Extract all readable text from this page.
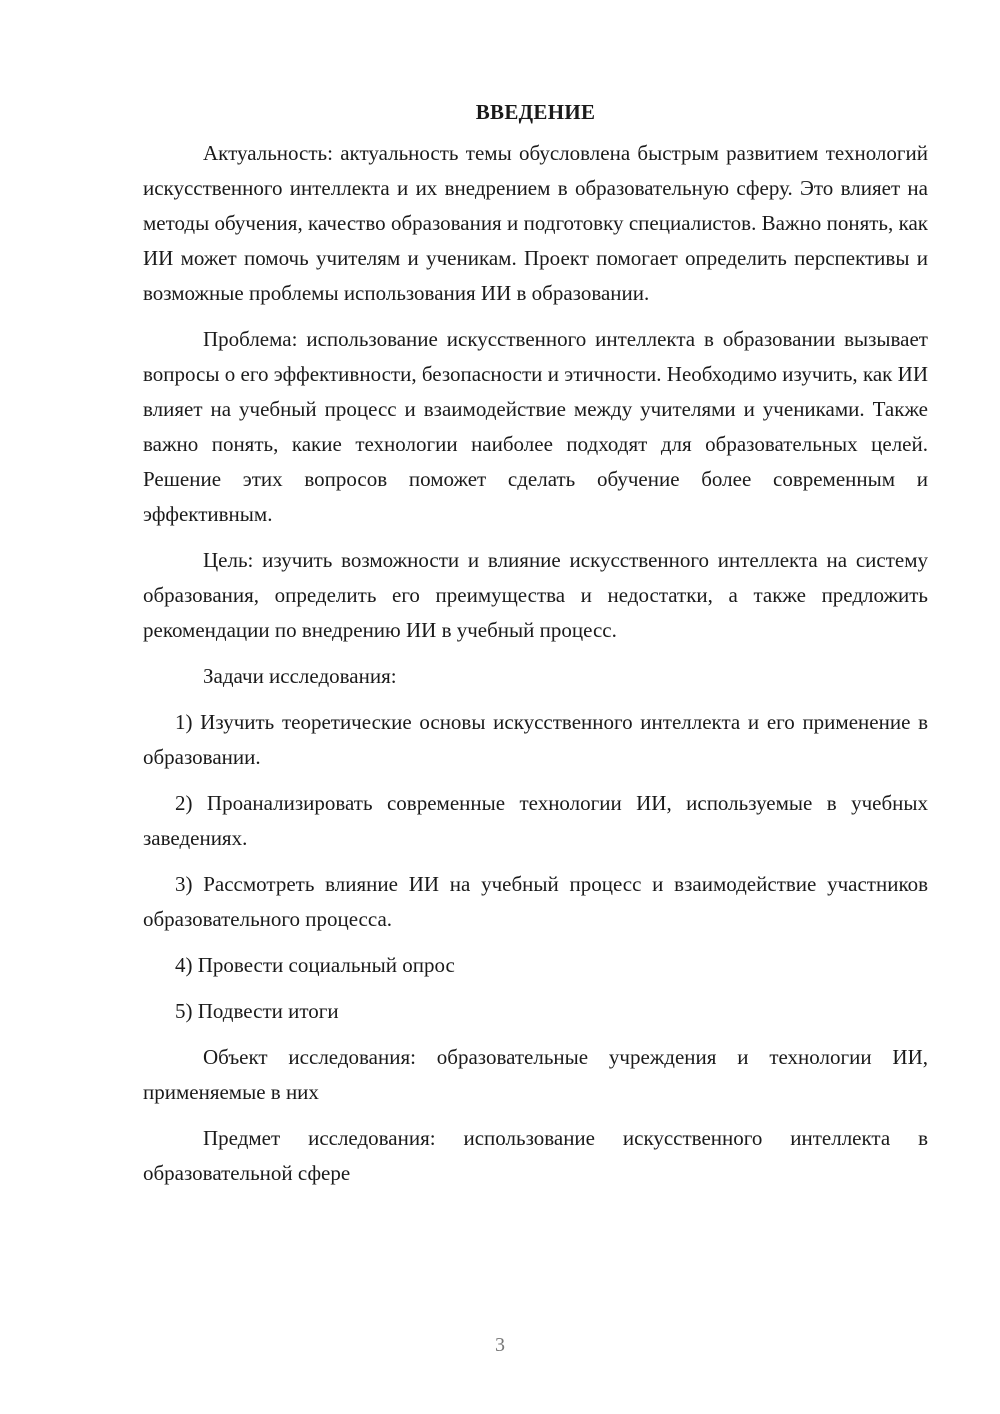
ВВЕДЕНИЕ

Актуальность: актуальность темы обусловлена быстрым развитием технологий искусственного интеллекта и их внедрением в образовательную сферу. Это влияет на методы обучения, качество образования и подготовку специалистов. Важно понять, как ИИ может помочь учителям и ученикам. Проект помогает определить перспективы и возможные проблемы использования ИИ в образовании.

Проблема: использование искусственного интеллекта в образовании вызывает вопросы о его эффективности, безопасности и этичности. Необходимо изучить, как ИИ влияет на учебный процесс и взаимодействие между учителями и учениками. Также важно понять, какие технологии наиболее подходят для образовательных целей. Решение этих вопросов поможет сделать обучение более современным и эффективным.

Цель: изучить возможности и влияние искусственного интеллекта на систему образования, определить его преимущества и недостатки, а также предложить рекомендации по внедрению ИИ в учебный процесс.

Задачи исследования:

1) Изучить теоретические основы искусственного интеллекта и его применение в образовании.

2) Проанализировать современные технологии ИИ, используемые в учебных заведениях.

3) Рассмотреть влияние ИИ на учебный процесс и взаимодействие участников образовательного процесса.

4) Провести социальный опрос

5) Подвести итоги

Объект исследования: образовательные учреждения и технологии ИИ, применяемые в них

Предмет исследования: использование искусственного интеллекта в образовательной сфере

3
